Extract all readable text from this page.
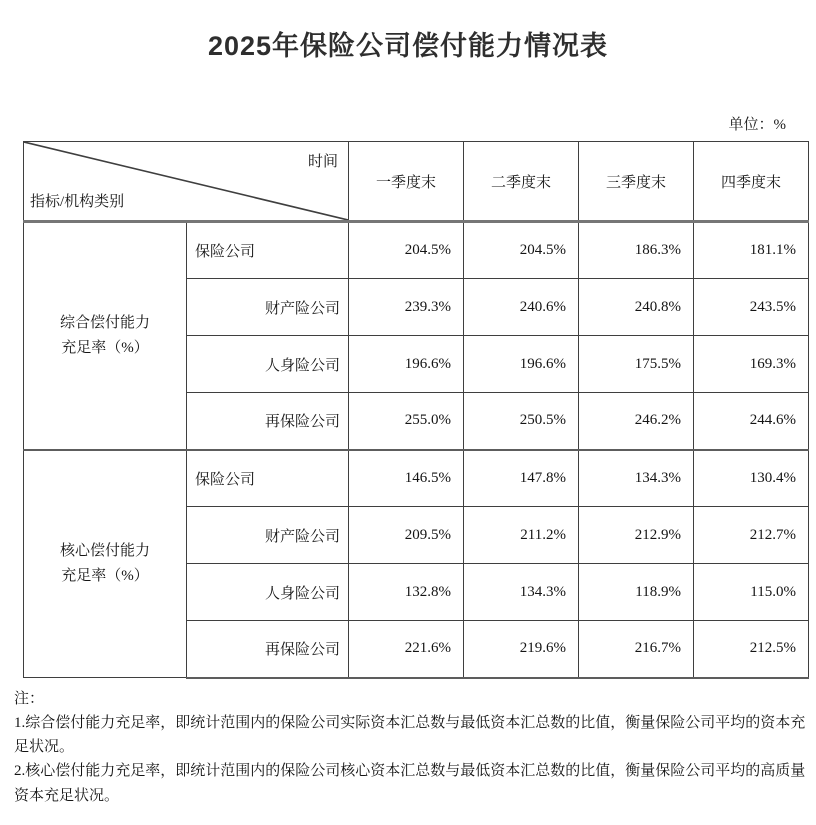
2025年保险公司偿付能力情况表
单位：%
时间
指标/机构类别		一季度末	二季度末	三季度末	四季度末

综合偿付能力
充足率（%）	保险公司	204.5%	204.5%	186.3%	181.1%
	财产险公司	239.3%	240.6%	240.8%	243.5%
	人身险公司	196.6%	196.6%	175.5%	169.3%
	再保险公司	255.0%	250.5%	246.2%	244.6%

核心偿付能力
充足率（%）	保险公司	146.5%	147.8%	134.3%	130.4%
	财产险公司	209.5%	211.2%	212.9%	212.7%
	人身险公司	132.8%	134.3%	118.9%	115.0%
	再保险公司	221.6%	219.6%	216.7%	212.5%
注：
1.综合偿付能力充足率，即统计范围内的保险公司实际资本汇总数与最低资本汇总数的比值，衡量保险公司平均的资本充足状况。
2.核心偿付能力充足率，即统计范围内的保险公司核心资本汇总数与最低资本汇总数的比值，衡量保险公司平均的高质量资本充足状况。
